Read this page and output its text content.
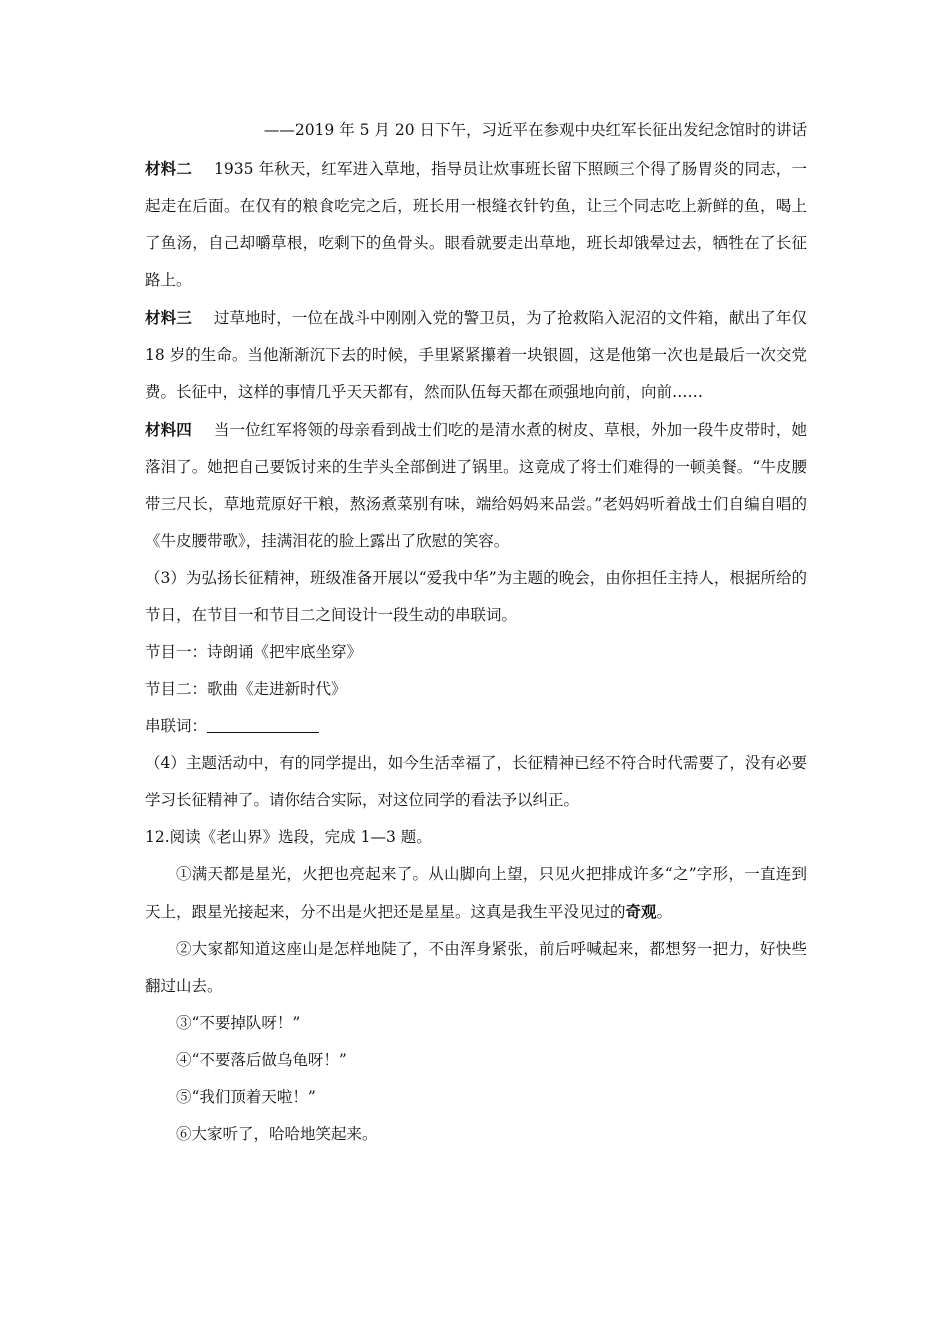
——2019 年 5 月 20 日下午，习近平在参观中央红军长征出发纪念馆时的讲话

材料二 1935 年秋天，红军进入草地，指导员让炊事班长留下照顾三个得了肠胃炎的同志，一起走在后面。在仅有的粮食吃完之后，班长用一根缝衣针钓鱼，让三个同志吃上新鲜的鱼，喝上了鱼汤，自己却嚼草根，吃剩下的鱼骨头。眼看就要走出草地，班长却饿晕过去，牺牲在了长征路上。

材料三 过草地时，一位在战斗中刚刚入党的警卫员，为了抢救陷入泥沼的文件箱，献出了年仅 18 岁的生命。当他渐渐沉下去的时候，手里紧紧攥着一块银圆，这是他第一次也是最后一次交党费。长征中，这样的事情几乎天天都有，然而队伍每天都在顽强地向前，向前……

材料四 当一位红军将领的母亲看到战士们吃的是清水煮的树皮、草根，外加一段牛皮带时，她落泪了。她把自己要饭讨来的生芋头全部倒进了锅里。这竟成了将士们难得的一顿美餐。“牛皮腰带三尺长，草地荒原好干粮，熬汤煮菜别有味，端给妈妈来品尝。”老妈妈听着战士们自编自唱的《牛皮腰带歌》，挂满泪花的脸上露出了欣慰的笑容。

（3）为弘扬长征精神，班级准备开展以“爱我中华”为主题的晚会，由你担任主持人，根据所给的节日，在节目一和节目二之间设计一段生动的串联词。

节目一：诗朗诵《把牢底坐穿》

节目二：歌曲《走进新时代》

串联词：

（4）主题活动中，有的同学提出，如今生活幸福了，长征精神已经不符合时代需要了，没有必要学习长征精神了。请你结合实际，对这位同学的看法予以纠正。

12.阅读《老山界》选段，完成 1—3 题。

①满天都是星光，火把也亮起来了。从山脚向上望，只见火把排成许多“之”字形，一直连到天上，跟星光接起来，分不出是火把还是星星。这真是我生平没见过的奇观。

②大家都知道这座山是怎样地陡了，不由浑身紧张，前后呼喊起来，都想努一把力，好快些翻过山去。

③“不要掉队呀！”

④“不要落后做乌龟呀！”

⑤“我们顶着天啦！”

⑥大家听了，哈哈地笑起来。
